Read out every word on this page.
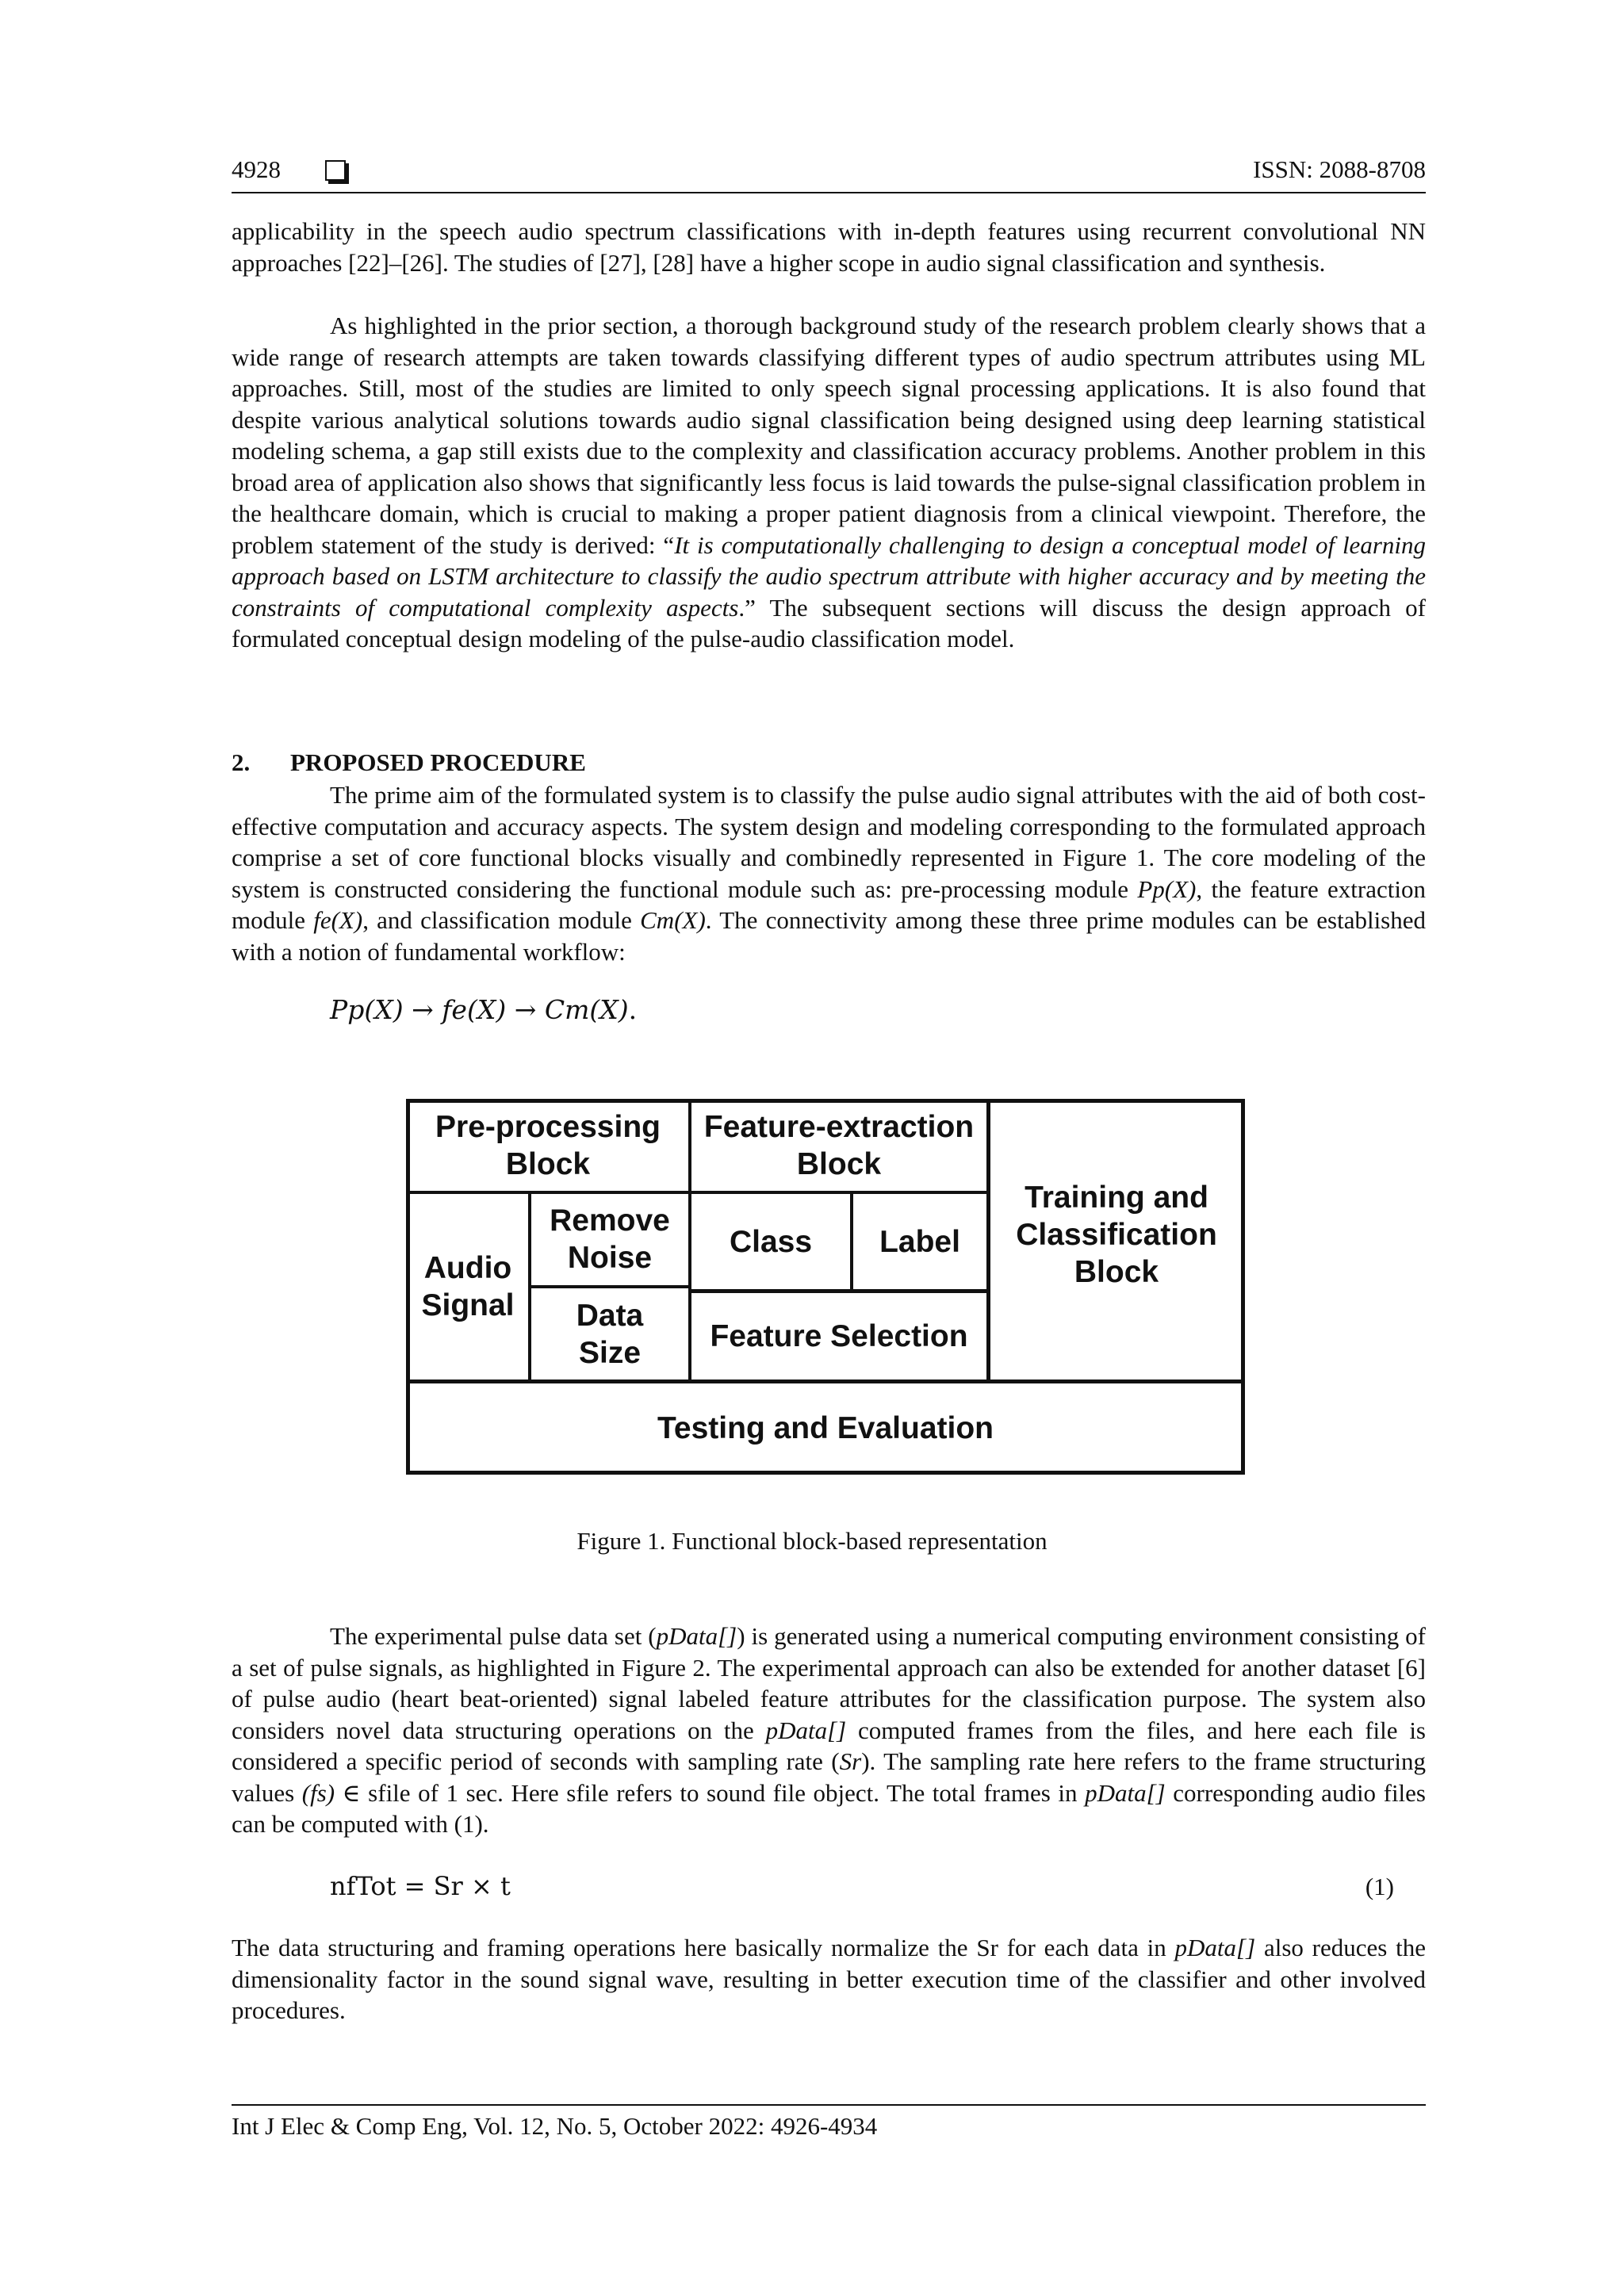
4928	ISSN: 2088-8708
applicability in the speech audio spectrum classifications with in-depth features using recurrent convolutional NN approaches [22]–[26]. The studies of [27], [28] have a higher scope in audio signal classification and synthesis.
As highlighted in the prior section, a thorough background study of the research problem clearly shows that a wide range of research attempts are taken towards classifying different types of audio spectrum attributes using ML approaches. Still, most of the studies are limited to only speech signal processing applications. It is also found that despite various analytical solutions towards audio signal classification being designed using deep learning statistical modeling schema, a gap still exists due to the complexity and classification accuracy problems. Another problem in this broad area of application also shows that significantly less focus is laid towards the pulse-signal classification problem in the healthcare domain, which is crucial to making a proper patient diagnosis from a clinical viewpoint. Therefore, the problem statement of the study is derived: “It is computationally challenging to design a conceptual model of learning approach based on LSTM architecture to classify the audio spectrum attribute with higher accuracy and by meeting the constraints of computational complexity aspects.” The subsequent sections will discuss the design approach of formulated conceptual design modeling of the pulse-audio classification model.
2. PROPOSED PROCEDURE
The prime aim of the formulated system is to classify the pulse audio signal attributes with the aid of both cost-effective computation and accuracy aspects. The system design and modeling corresponding to the formulated approach comprise a set of core functional blocks visually and combinedly represented in Figure 1. The core modeling of the system is constructed considering the functional module such as: pre-processing module Pp(X), the feature extraction module fe(X), and classification module Cm(X). The connectivity among these three prime modules can be established with a notion of fundamental workflow:
Pp(X) → fe(X) → Cm(X).
Pre-processing Block
Feature-extraction Block
Training and Classification Block
Audio Signal
Remove Noise
Data Size
Class	Label
Feature Selection
Testing and Evaluation
Figure 1. Functional block-based representation
The experimental pulse data set (pData[]) is generated using a numerical computing environment consisting of a set of pulse signals, as highlighted in Figure 2. The experimental approach can also be extended for another dataset [6] of pulse audio (heart beat-oriented) signal labeled feature attributes for the classification purpose. The system also considers novel data structuring operations on the pData[] computed frames from the files, and here each file is considered a specific period of seconds with sampling rate (Sr). The sampling rate here refers to the frame structuring values (fs) ∈ sfile of 1 sec. Here sfile refers to sound file object. The total frames in pData[] corresponding audio files can be computed with (1).
nfTot = Sr × t	(1)
The data structuring and framing operations here basically normalize the Sr for each data in pData[] also reduces the dimensionality factor in the sound signal wave, resulting in better execution time of the classifier and other involved procedures.
Int J Elec & Comp Eng, Vol. 12, No. 5, October 2022: 4926-4934
